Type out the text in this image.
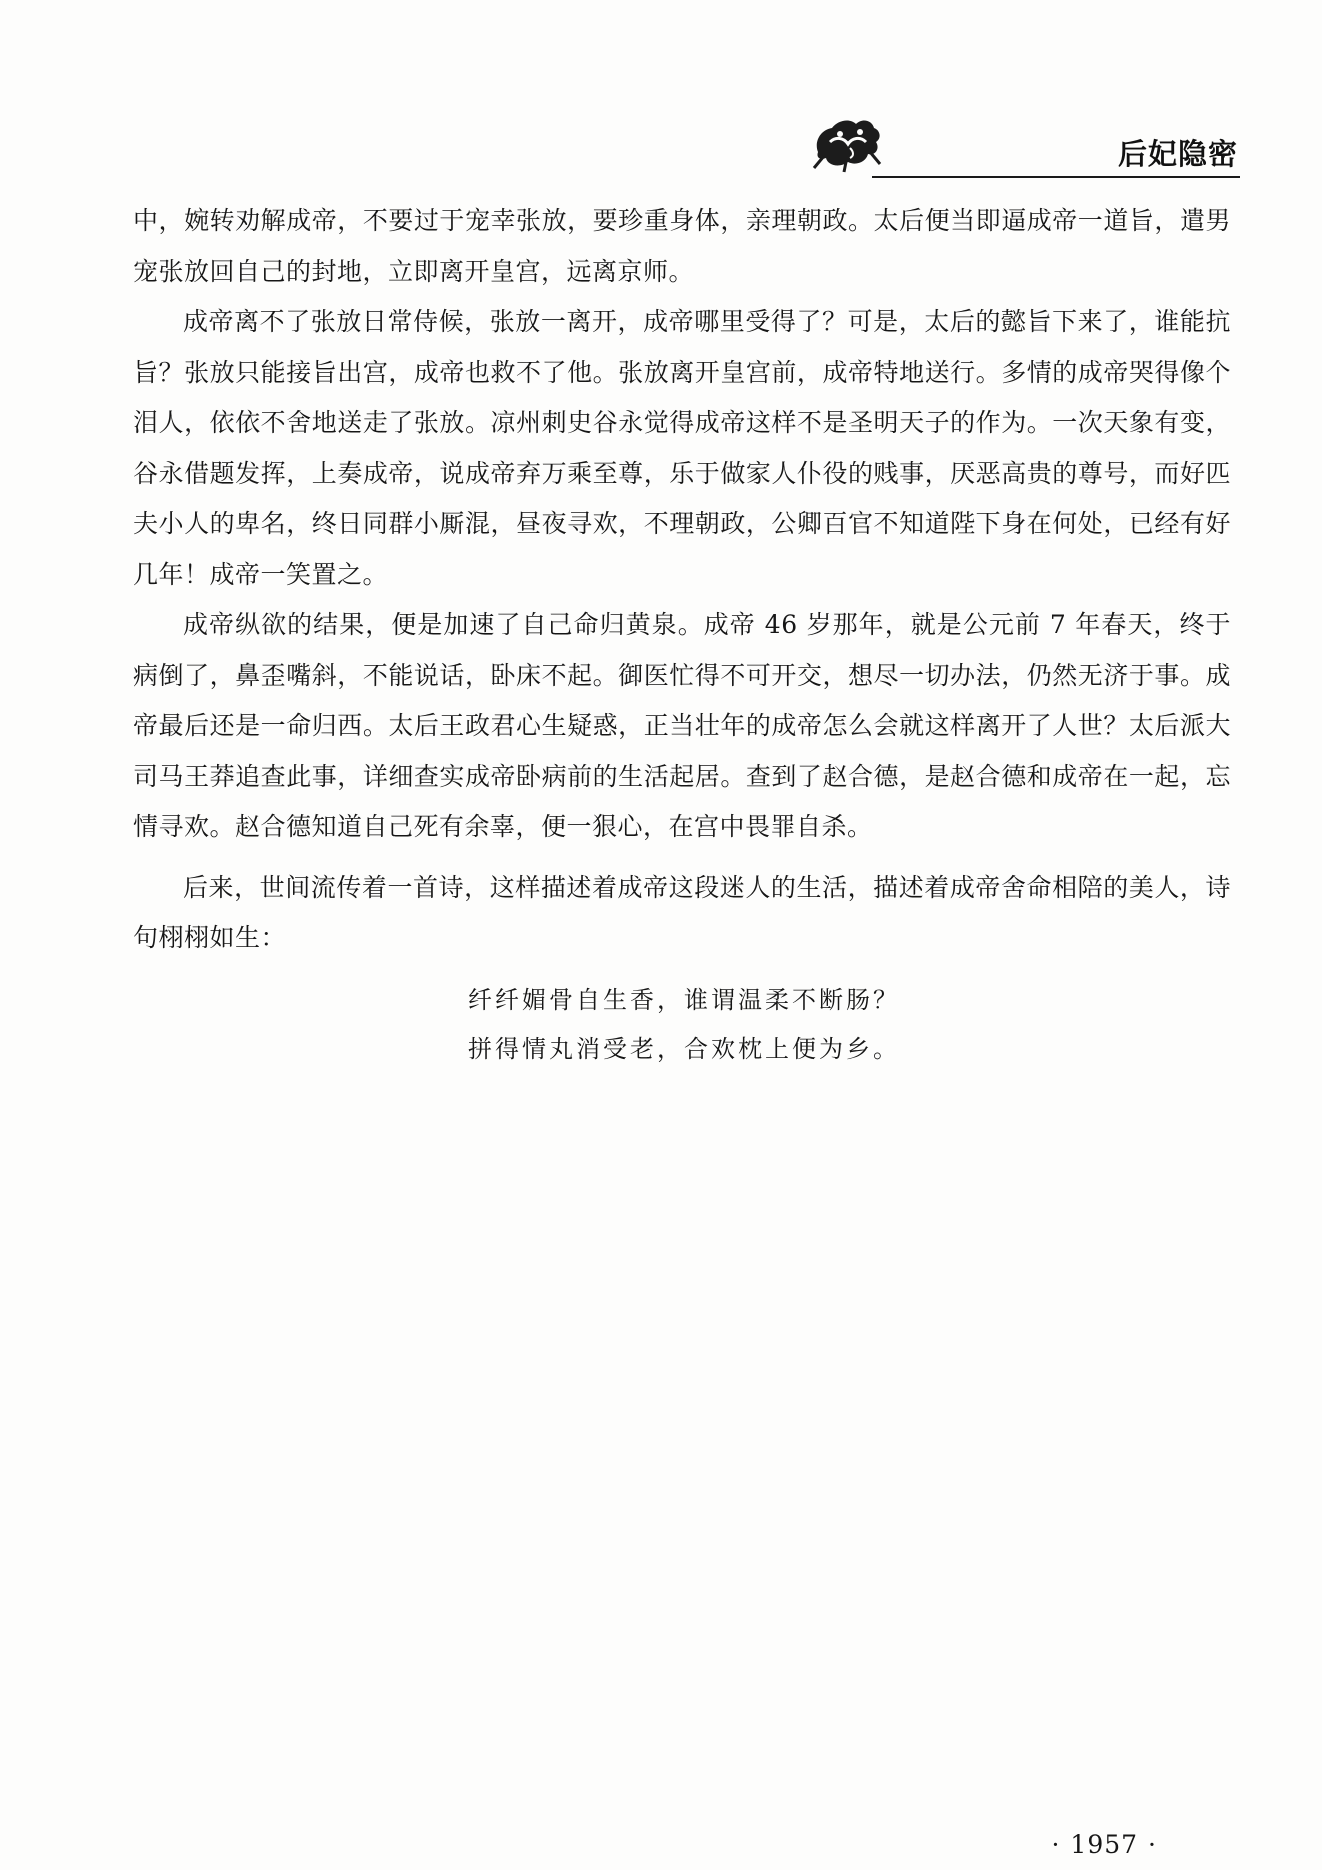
后妃隐密

中，婉转劝解成帝，不要过于宠幸张放，要珍重身体，亲理朝政。太后便当即逼成帝一道旨，遣男宠张放回自己的封地，立即离开皇宫，远离京师。

成帝离不了张放日常侍候，张放一离开，成帝哪里受得了？可是，太后的懿旨下来了，谁能抗旨？张放只能接旨出宫，成帝也救不了他。张放离开皇宫前，成帝特地送行。多情的成帝哭得像个泪人，依依不舍地送走了张放。凉州刺史谷永觉得成帝这样不是圣明天子的作为。一次天象有变，谷永借题发挥，上奏成帝，说成帝弃万乘至尊，乐于做家人仆役的贱事，厌恶高贵的尊号，而好匹夫小人的卑名，终日同群小厮混，昼夜寻欢，不理朝政，公卿百官不知道陛下身在何处，已经有好几年！成帝一笑置之。

成帝纵欲的结果，便是加速了自己命归黄泉。成帝 46 岁那年，就是公元前 7 年春天，终于病倒了，鼻歪嘴斜，不能说话，卧床不起。御医忙得不可开交，想尽一切办法，仍然无济于事。成帝最后还是一命归西。太后王政君心生疑惑，正当壮年的成帝怎么会就这样离开了人世？太后派大司马王莽追查此事，详细查实成帝卧病前的生活起居。查到了赵合德，是赵合德和成帝在一起，忘情寻欢。赵合德知道自己死有余辜，便一狠心，在宫中畏罪自杀。

后来，世间流传着一首诗，这样描述着成帝这段迷人的生活，描述着成帝舍命相陪的美人，诗句栩栩如生：

纤纤媚骨自生香，谁谓温柔不断肠？
拼得情丸消受老，合欢枕上便为乡。
· 1957 ·
